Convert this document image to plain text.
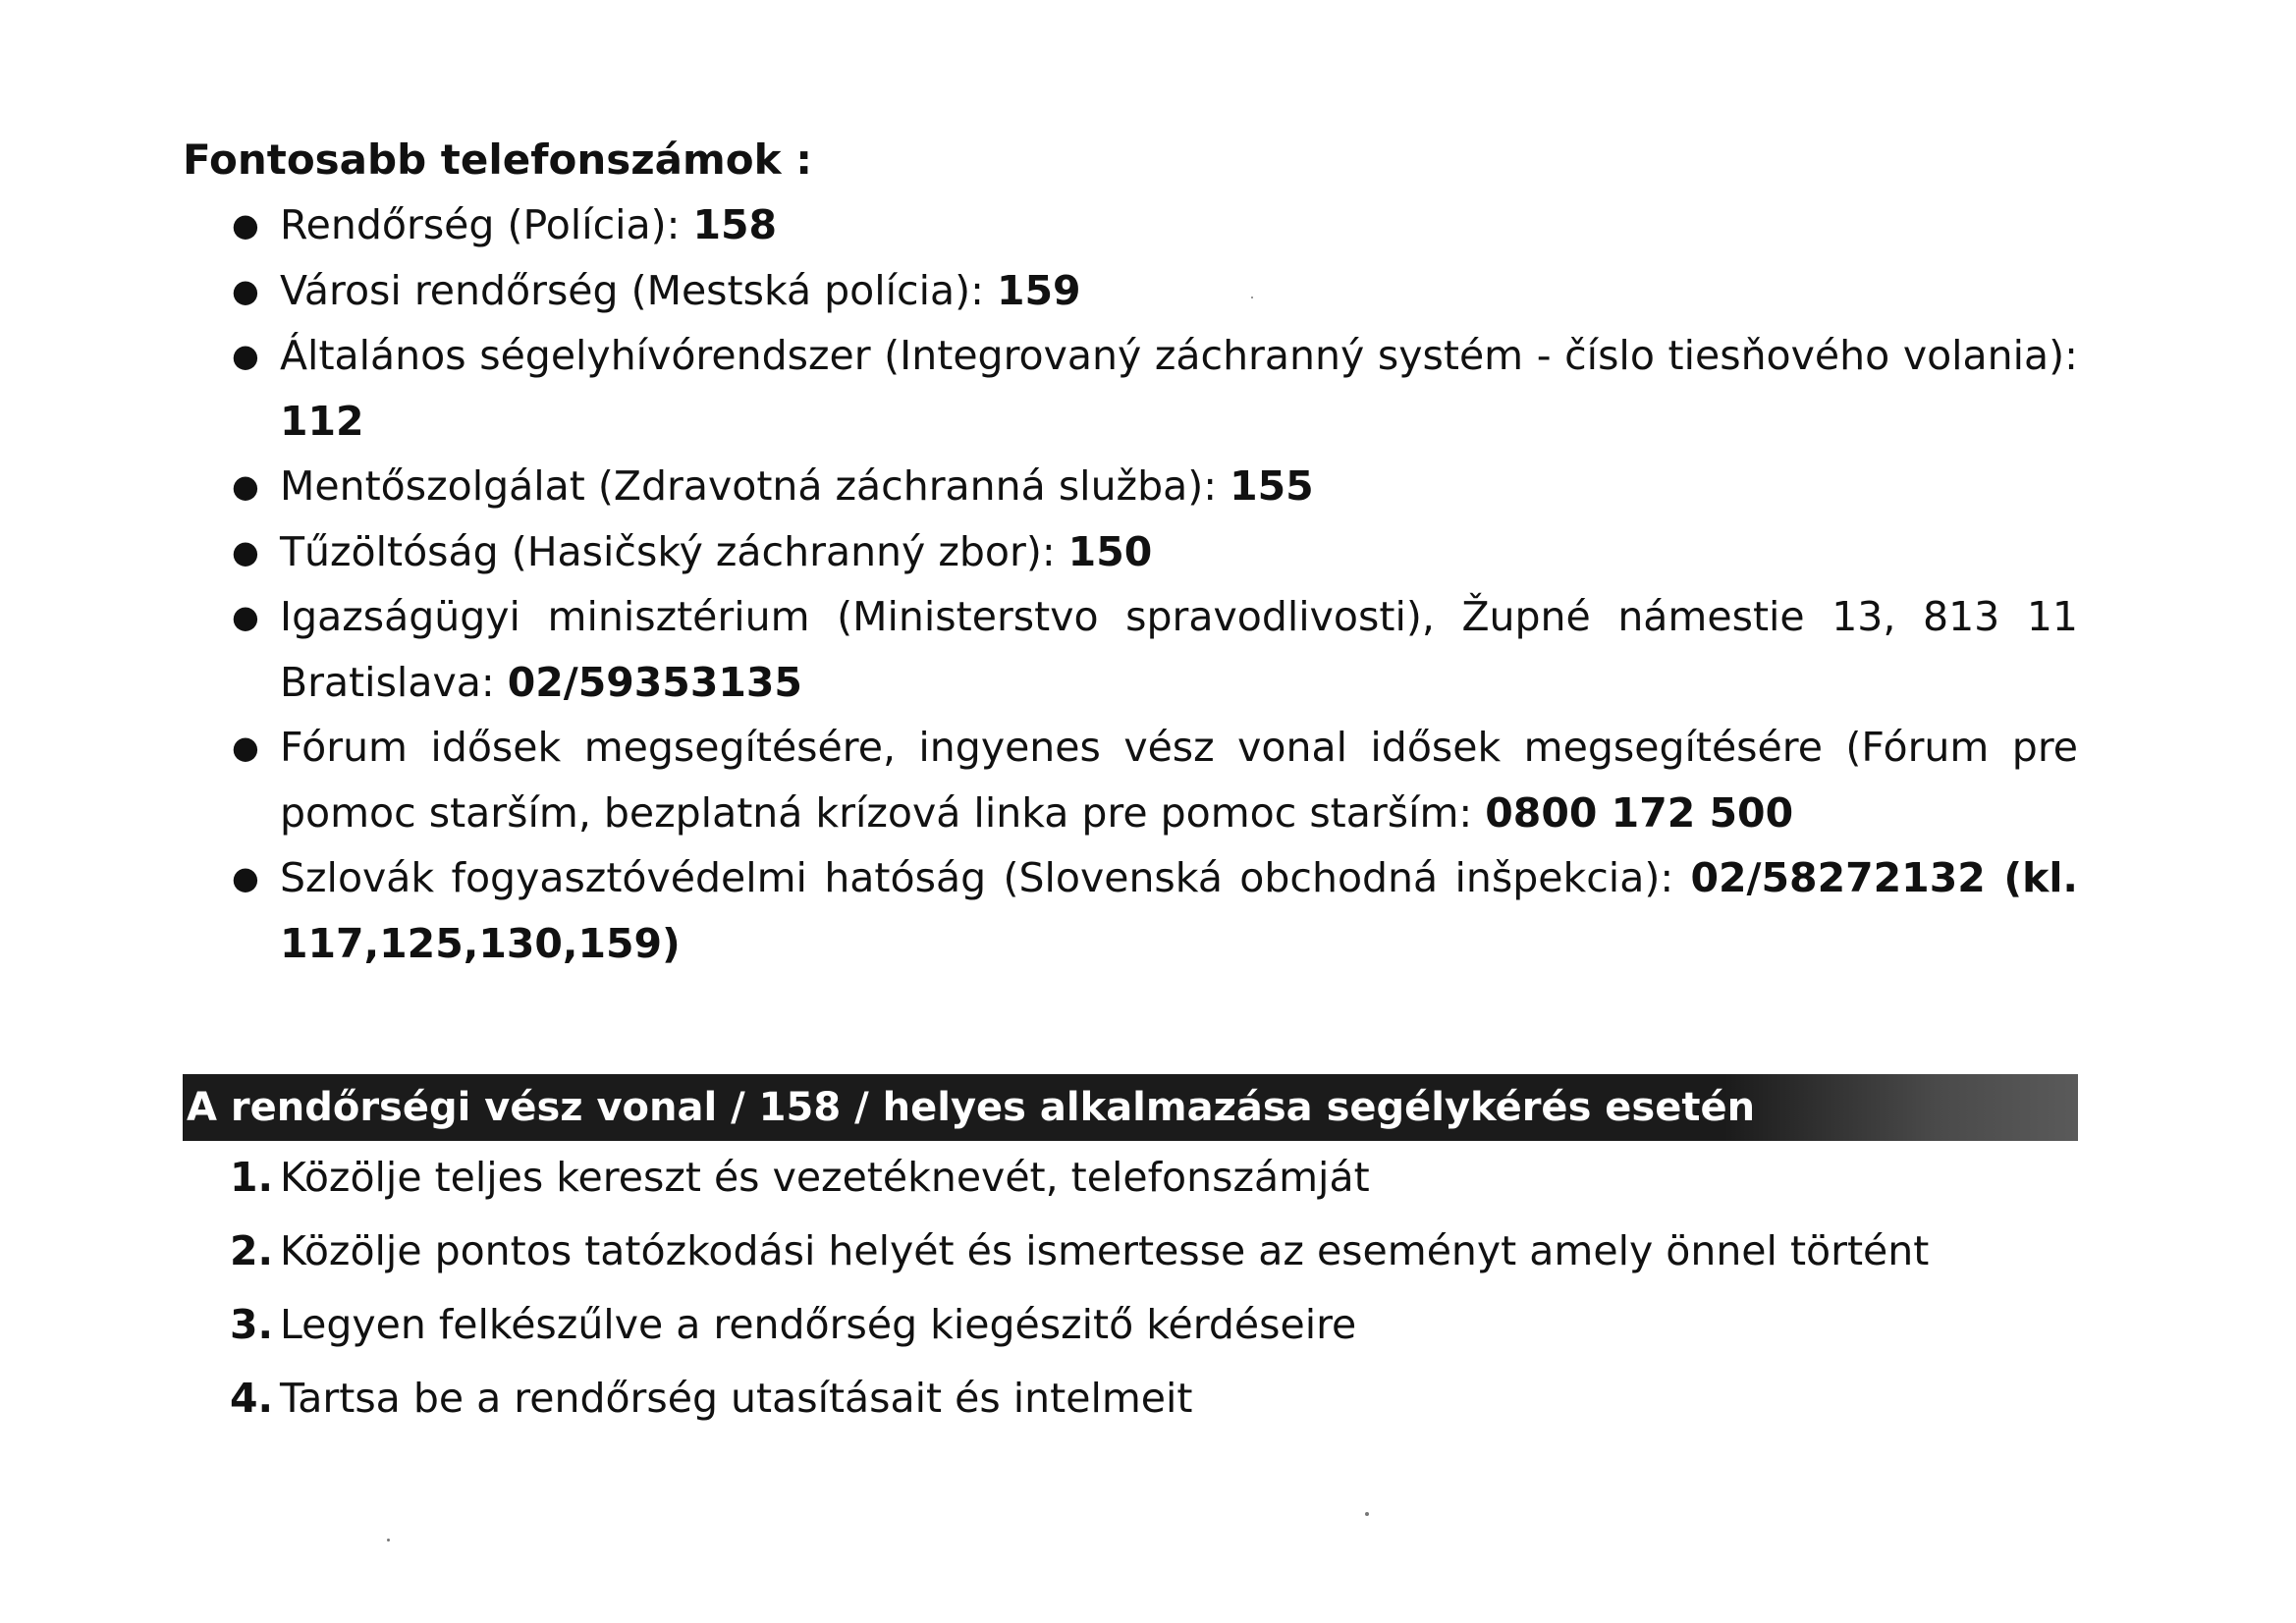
Fontosabb telefonszámok :
● Rendőrség (Polícia): 158
● Városi rendőrség (Mestská polícia): 159
● Általános ségelyhívórendszer (Integrovaný záchranný systém - číslo tiesňového volania): 112
● Mentőszolgálat (Zdravotná záchranná služba): 155
● Tűzöltóság (Hasičský záchranný zbor): 150
● Igazságügyi minisztérium (Ministerstvo spravodlivosti), Župné námestie 13, 813 11 Bratislava: 02/59353135
● Fórum idősek megsegítésére, ingyenes vész vonal idősek megsegítésére (Fórum pre pomoc starším, bezplatná krízová linka pre pomoc starším: 0800 172 500
● Szlovák fogyasztóvédelmi hatóság (Slovenská obchodná inšpekcia): 02/58272132 (kl. 117,125,130,159)
A rendőrségi vész vonal / 158 / helyes alkalmazása segélykérés esetén
1. Közölje teljes kereszt és vezetéknevét, telefonszámját
2. Közölje pontos tatózkodási helyét és ismertesse az eseményt amely önnel történt
3. Legyen felkészűlve a rendőrség kiegészitő kérdéseire
4. Tartsa be a rendőrség utasításait és intelmeit
